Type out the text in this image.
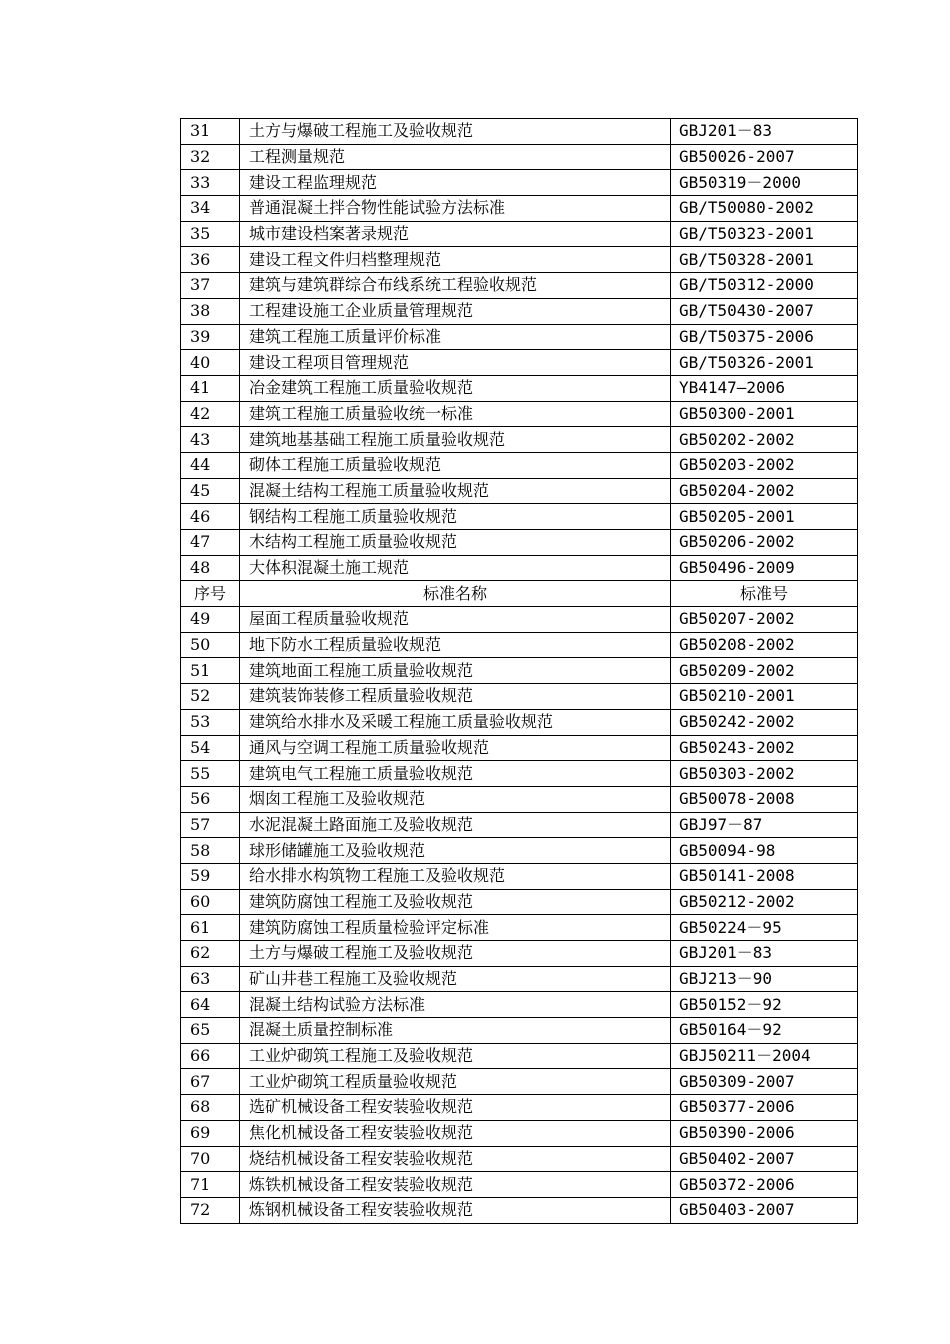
31	土方与爆破工程施工及验收规范	GBJ201－83
32	工程测量规范	GB50026-2007
33	建设工程监理规范	GB50319－2000
34	普通混凝土拌合物性能试验方法标准	GB/T50080-2002
35	城市建设档案著录规范	GB/T50323-2001
36	建设工程文件归档整理规范	GB/T50328-2001
37	建筑与建筑群综合布线系统工程验收规范	GB/T50312-2000
38	工程建设施工企业质量管理规范	GB/T50430-2007
39	建筑工程施工质量评价标准	GB/T50375-2006
40	建设工程项目管理规范	GB/T50326-2001
41	冶金建筑工程施工质量验收规范	YB4147—2006
42	建筑工程施工质量验收统一标准	GB50300-2001
43	建筑地基基础工程施工质量验收规范	GB50202-2002
44	砌体工程施工质量验收规范	GB50203-2002
45	混凝土结构工程施工质量验收规范	GB50204-2002
46	钢结构工程施工质量验收规范	GB50205-2001
47	木结构工程施工质量验收规范	GB50206-2002
48	大体积混凝土施工规范	GB50496-2009
序号	标准名称	标准号
49	屋面工程质量验收规范	GB50207-2002
50	地下防水工程质量验收规范	GB50208-2002
51	建筑地面工程施工质量验收规范	GB50209-2002
52	建筑装饰装修工程质量验收规范	GB50210-2001
53	建筑给水排水及采暖工程施工质量验收规范	GB50242-2002
54	通风与空调工程施工质量验收规范	GB50243-2002
55	建筑电气工程施工质量验收规范	GB50303-2002
56	烟囱工程施工及验收规范	GB50078-2008
57	水泥混凝土路面施工及验收规范	GBJ97－87
58	球形储罐施工及验收规范	GB50094-98
59	给水排水构筑物工程施工及验收规范	GB50141-2008
60	建筑防腐蚀工程施工及验收规范	GB50212-2002
61	建筑防腐蚀工程质量检验评定标准	GB50224－95
62	土方与爆破工程施工及验收规范	GBJ201－83
63	矿山井巷工程施工及验收规范	GBJ213－90
64	混凝土结构试验方法标准	GB50152－92
65	混凝土质量控制标准	GB50164－92
66	工业炉砌筑工程施工及验收规范	GBJ50211－2004
67	工业炉砌筑工程质量验收规范	GB50309-2007
68	选矿机械设备工程安装验收规范	GB50377-2006
69	焦化机械设备工程安装验收规范	GB50390-2006
70	烧结机械设备工程安装验收规范	GB50402-2007
71	炼铁机械设备工程安装验收规范	GB50372-2006
72	炼钢机械设备工程安装验收规范	GB50403-2007
